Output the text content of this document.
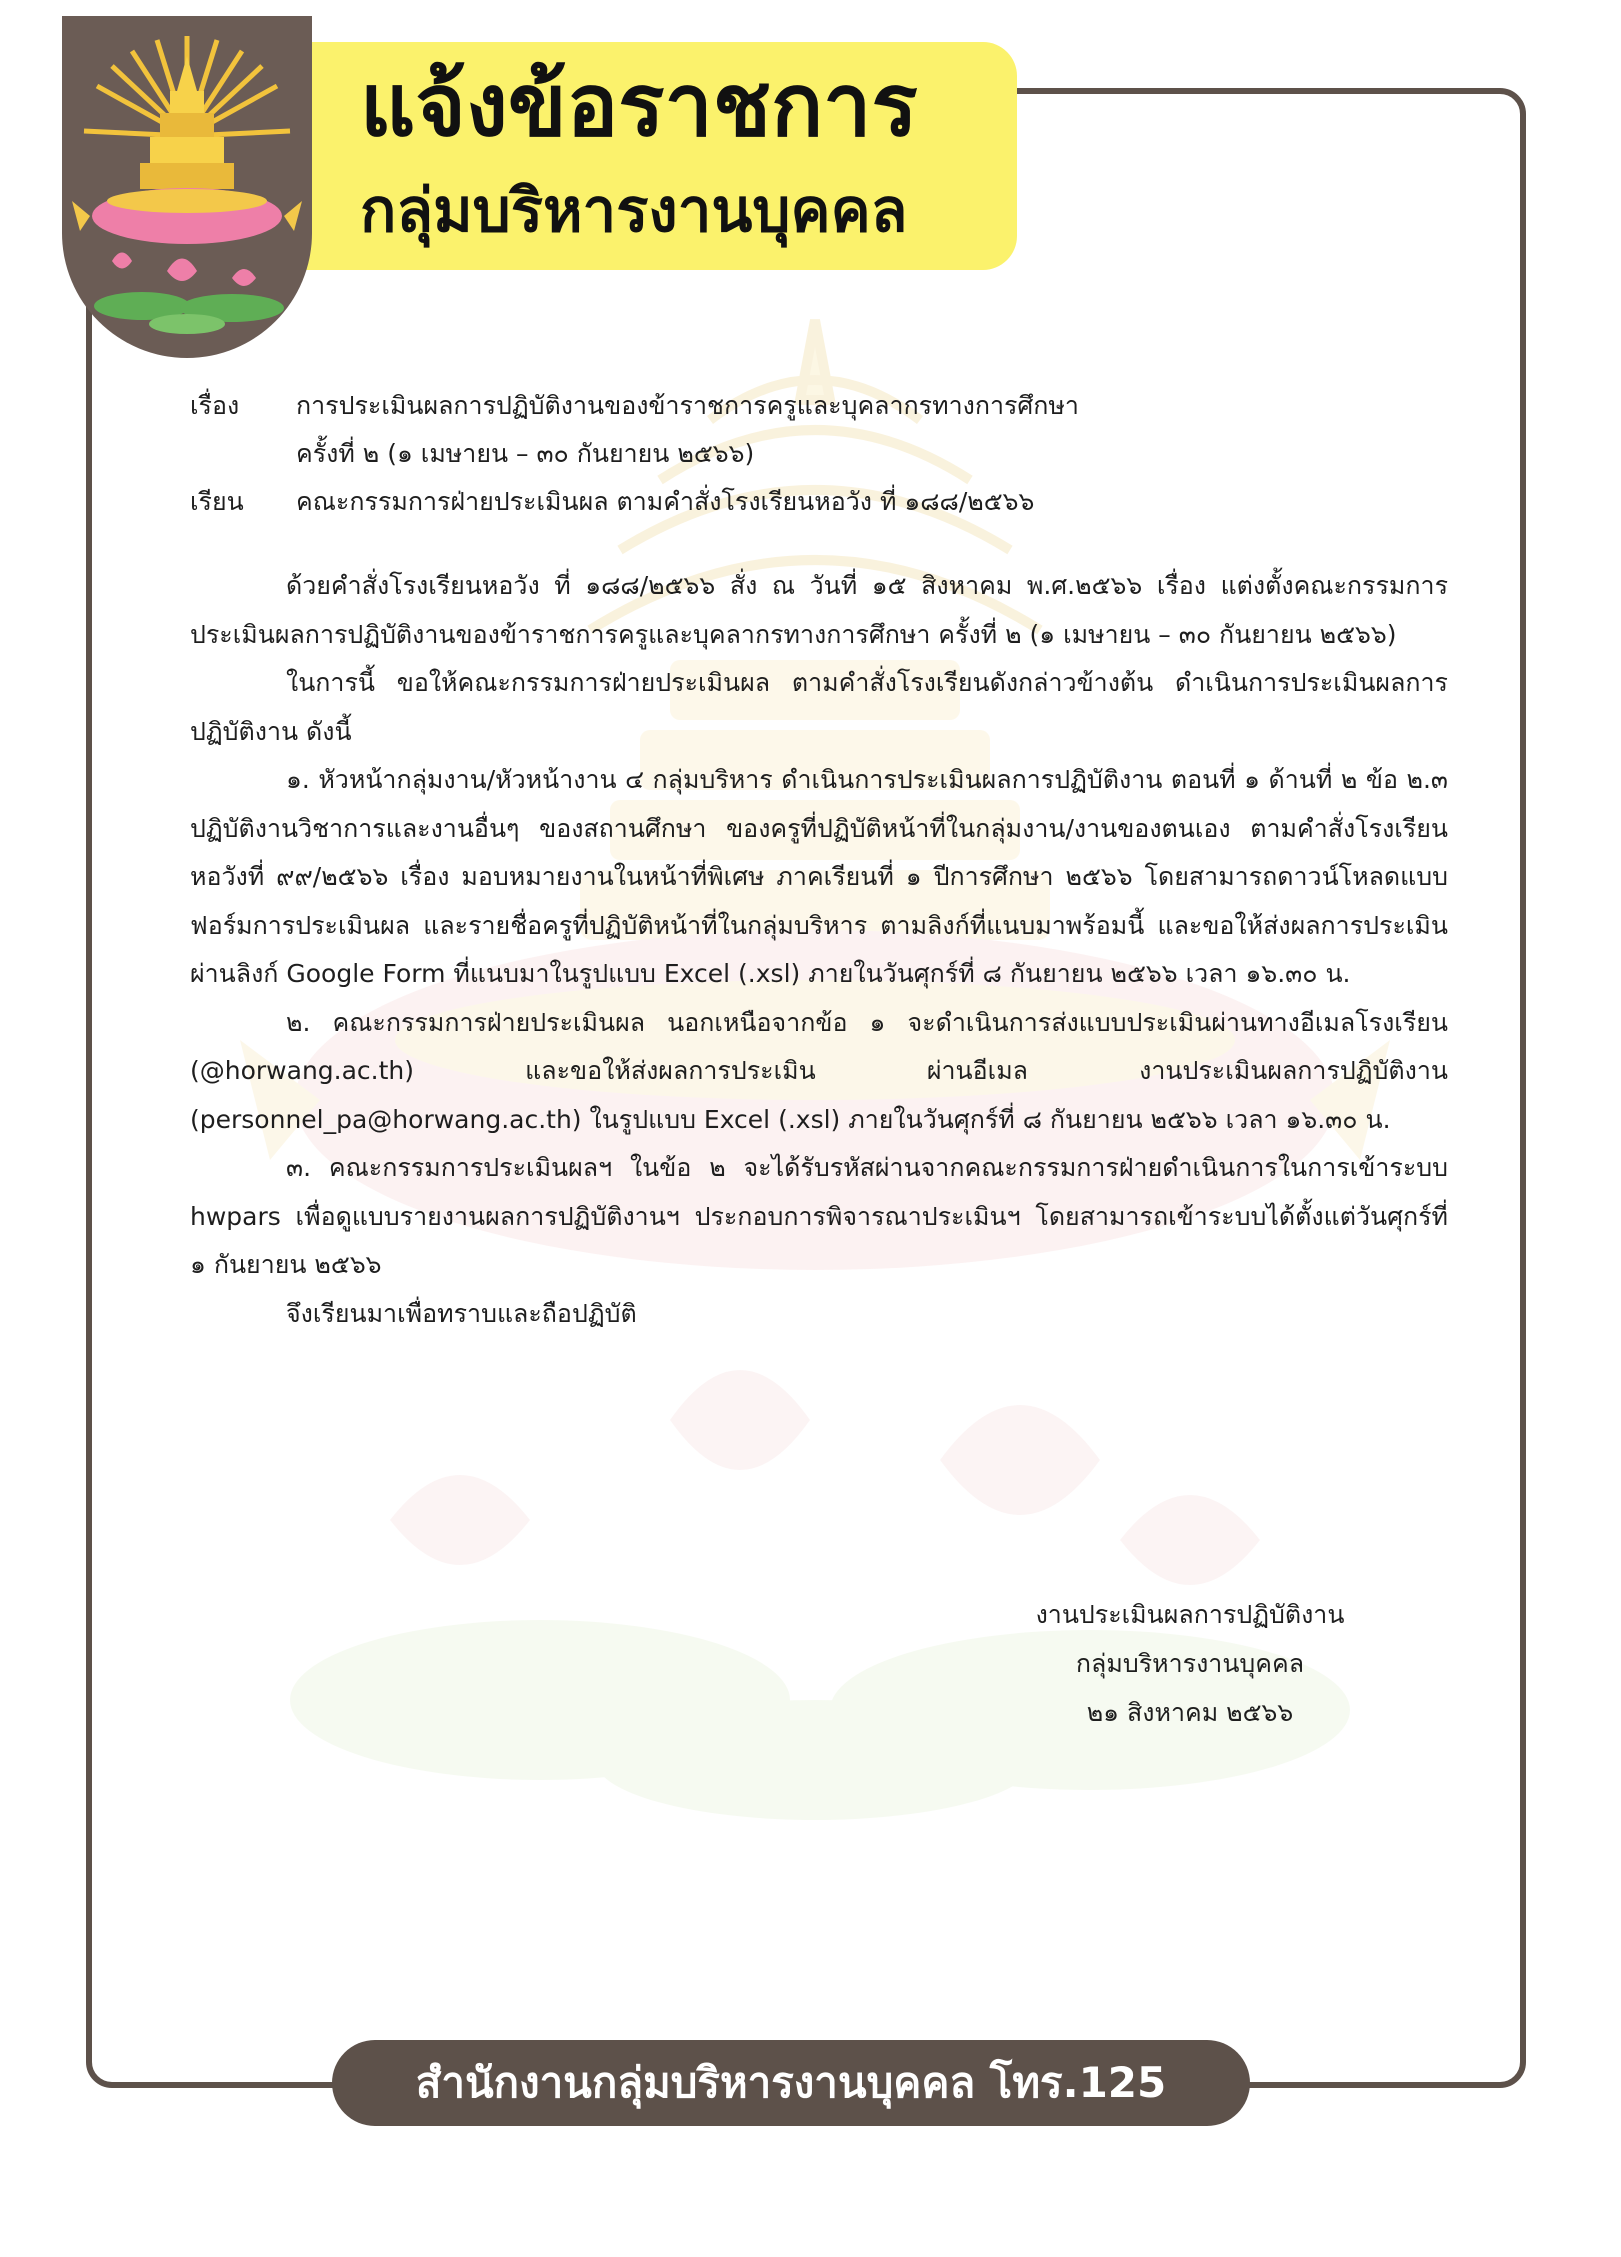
แจ้งข้อราชการ
กลุ่มบริหารงานบุคคล
เรื่อง	การประเมินผลการปฏิบัติงานของข้าราชการครูและบุคลากรทางการศึกษา
ครั้งที่ ๒ (๑ เมษายน – ๓๐ กันยายน ๒๕๖๖)
เรียน	คณะกรรมการฝ่ายประเมินผล ตามคำสั่งโรงเรียนหอวัง ที่ ๑๘๘/๒๕๖๖

ด้วยคำสั่งโรงเรียนหอวัง ที่ ๑๘๘/๒๕๖๖ สั่ง ณ วันที่ ๑๕ สิงหาคม พ.ศ.๒๕๖๖ เรื่อง แต่งตั้งคณะกรรมการประเมินผลการปฏิบัติงานของข้าราชการครูและบุคลากรทางการศึกษา ครั้งที่ ๒ (๑ เมษายน – ๓๐ กันยายน ๒๕๖๖)

ในการนี้ ขอให้คณะกรรมการฝ่ายประเมินผล ตามคำสั่งโรงเรียนดังกล่าวข้างต้น ดำเนินการประเมินผลการปฏิบัติงาน ดังนี้

๑. หัวหน้ากลุ่มงาน/หัวหน้างาน ๔ กลุ่มบริหาร ดำเนินการประเมินผลการปฏิบัติงาน ตอนที่ ๑ ด้านที่ ๒ ข้อ ๒.๓ ปฏิบัติงานวิชาการและงานอื่นๆ ของสถานศึกษา ของครูที่ปฏิบัติหน้าที่ในกลุ่มงาน/งานของตนเอง ตามคำสั่งโรงเรียนหอวังที่ ๙๙/๒๕๖๖ เรื่อง มอบหมายงานในหน้าที่พิเศษ ภาคเรียนที่ ๑ ปีการศึกษา ๒๕๖๖ โดยสามารถดาวน์โหลดแบบฟอร์มการประเมินผล และรายชื่อครูที่ปฏิบัติหน้าที่ในกลุ่มบริหาร ตามลิงก์ที่แนบมาพร้อมนี้ และขอให้ส่งผลการประเมิน ผ่านลิงก์ Google Form ที่แนบมาในรูปแบบ Excel (.xsl) ภายในวันศุกร์ที่ ๘ กันยายน ๒๕๖๖ เวลา ๑๖.๓๐ น.

๒. คณะกรรมการฝ่ายประเมินผล นอกเหนือจากข้อ ๑ จะดำเนินการส่งแบบประเมินผ่านทางอีเมลโรงเรียน (@horwang.ac.th) และขอให้ส่งผลการประเมิน ผ่านอีเมล งานประเมินผลการปฏิบัติงาน (personnel_pa@horwang.ac.th) ในรูปแบบ Excel (.xsl) ภายในวันศุกร์ที่ ๘ กันยายน ๒๕๖๖ เวลา ๑๖.๓๐ น.

๓. คณะกรรมการประเมินผลฯ ในข้อ ๒ จะได้รับรหัสผ่านจากคณะกรรมการฝ่ายดำเนินการในการเข้าระบบ hwpars เพื่อดูแบบรายงานผลการปฏิบัติงานฯ ประกอบการพิจารณาประเมินฯ โดยสามารถเข้าระบบได้ตั้งแต่วันศุกร์ที่ ๑ กันยายน ๒๕๖๖

จึงเรียนมาเพื่อทราบและถือปฏิบัติ

งานประเมินผลการปฏิบัติงาน
กลุ่มบริหารงานบุคคล
๒๑ สิงหาคม ๒๕๖๖
สำนักงานกลุ่มบริหารงานบุคคล โทร.125
